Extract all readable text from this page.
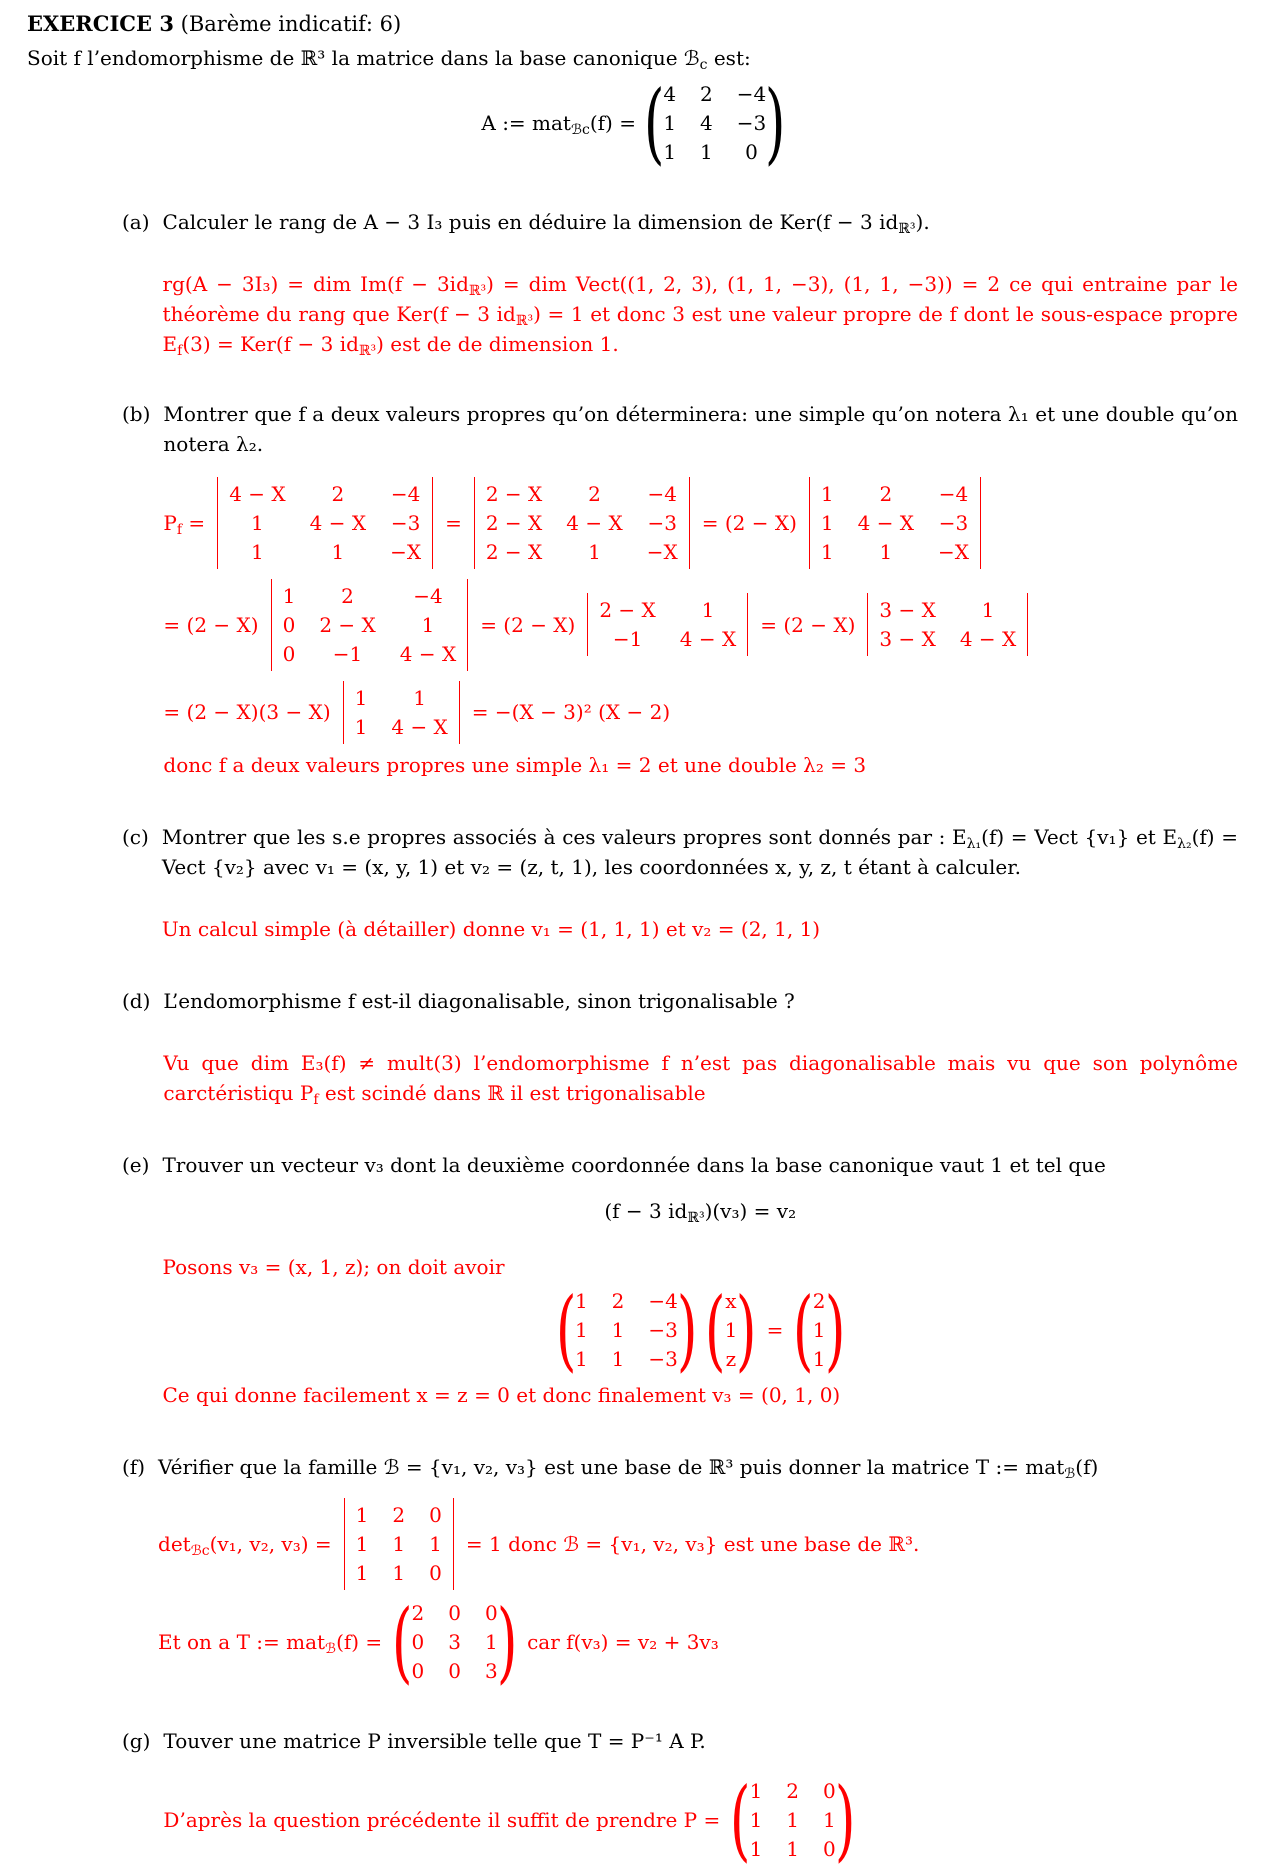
EXERCICE 3 (Barème indicatif: 6)

Soit f l’endomorphisme de ℝ³ la matrice dans la base canonique ℬ$_c$ est:

A := mat$_{ℬc}$(f) = (
4 2 −4
1 4 −3
1 1 0 )
(a) Calculer le rang de A − 3 I₃ puis en déduire la dimension de Ker(f − 3 $id_{ℝ^3}$).

rg(A − 3I₃) = dim $Im(f - 3id_{ℝ^3})$ = dim Vect((1, 2, 3), (1, 1, −3), (1, 1, −3)) = 2 ce qui entraine par le théorème du rang que Ker(f − 3 $id_{ℝ^3}) = 1$ et donc 3 est une valeur propre de f dont le sous-espace propre $E_f(3) = Ker(f - 3$ $id_{ℝ^3}$) est de de dimension 1.

(b) Montrer que f a deux valeurs propres qu’on déterminera: une simple qu’on notera λ₁ et une double qu’on notera λ₂.

$P_f$ =
4 − X 2 −4
1 4 − X −3
1	1 −X
=
2 − X 2 −4
2 − X 4 − X −3
2 − X 1 −X
= (2 − X)
1 2 −4
1 4 − X −3
1 1 −X
= (2 − X)
1 2	−4
0 2 − X 1
0 −1 4 − X
= (2 − X)
2 − X 1
−1 4 − X
= (2 − X)
3 − X 1
3 − X 4 − X
= (2 − X)(3 − X)
1 1
1 4 − X
= −(X − 3)² (X − 2)

donc f a deux valeurs propres une simple λ₁ = 2 et une double λ₂ = 3

(c) Montrer que les s.e propres associés à ces valeurs propres sont donnés par : $E_{\lambda_1}(f)$ = Vect {v₁} et $E_{\lambda_2}(f)$ = Vect {v₂} avec v₁ = (x, y, 1) et v₂ = (z, t, 1), les coordonnées x, y, z, t étant à calculer.

Un calcul simple (à détailler) donne v₁ = (1, 1, 1) et v₂ = (2, 1, 1)

(d) L’endomorphisme f est-il diagonalisable, sinon trigonalisable ?

Vu que dim E₃(f) ≠ mult(3) l’endomorphisme f n’est pas diagonalisable mais vu que son polynôme carctéristiqu $P_f$ est scindé dans ℝ il est trigonalisable

(e) Trouver un vecteur v₃ dont la deuxième coordonnée dans la base canonique vaut 1 et tel que

(f − 3 $id_{ℝ^3})(v_3) = v_2$

Posons v₃ = (x, 1, z); on doit avoir

(
1 2 −4
1 1 −3
1 1 −3
) ( x
1
z ) = (
2
1
1
)

Ce qui donne facilement x = z = 0 et donc finalement v₃ = (0, 1, 0)

(f) Vérifier que la famille ℬ = {v₁, v₂, v₃} est une base de ℝ³ puis donner la matrice T := mat$_ℬ$(f)

$\det_{ℬc}(v_1$, v₂, v₃) =
1 2 0
1 1 1
1 1 0
= 1 donc ℬ = {v₁, v₂, v₃} est une base de ℝ³.
Et on a T := mat$_ℬ$(f) = (
2 0 0
0 3 1
0 0 3
) car f(v₃) = v₂ + 3v₃
(g) Touver une matrice P inversible telle que T = P⁻¹ A P.

D’après la question précédente il suffit de prendre P = (
1 2 0
1 1 1
1 1 0
)
